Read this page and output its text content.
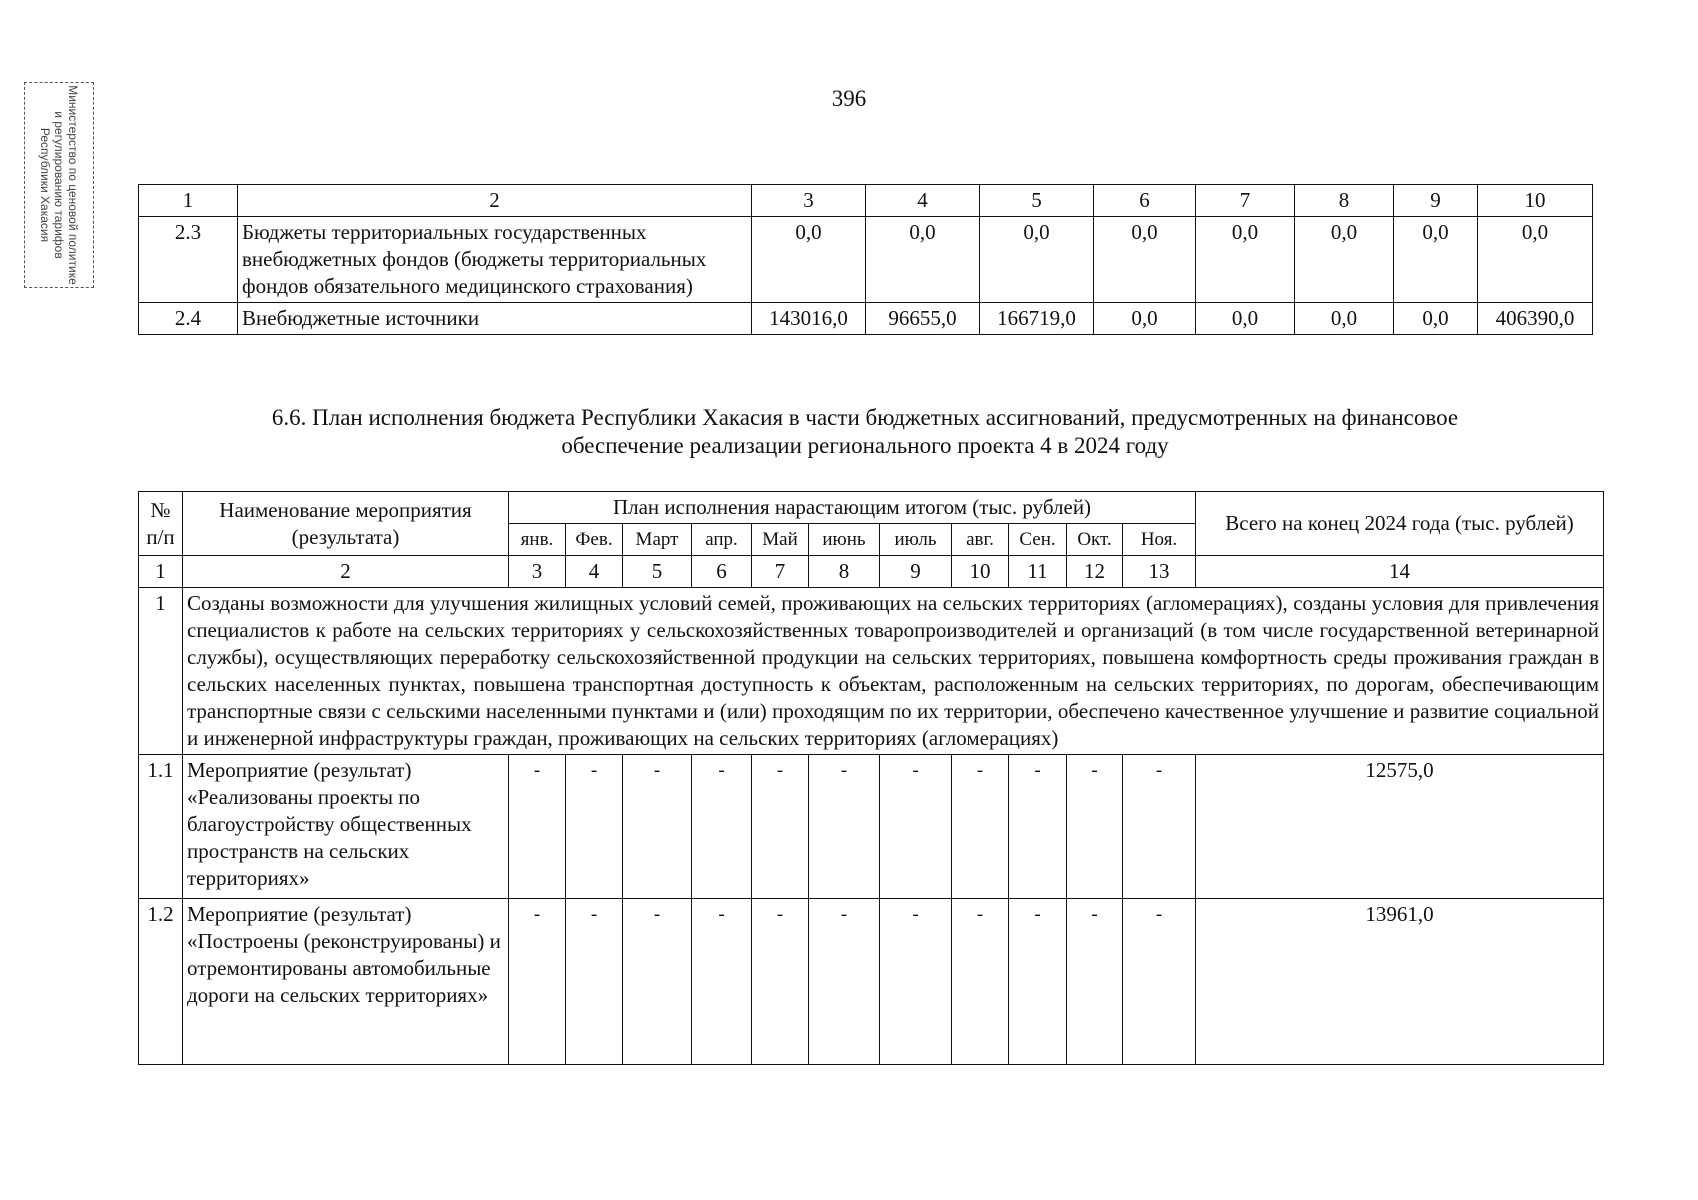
Министерство по ценовой политике и регулированию тарифов Республики Хакасия
396
1	2	3	4	5	6	7	8	9	10
2.3	Бюджеты территориальных государственных внебюджетных фондов (бюджеты территориальных фондов обязательного медицинского страхования)	0,0	0,0	0,0	0,0	0,0	0,0	0,0	0,0
2.4	Внебюджетные источники	143016,0	96655,0	166719,0	0,0	0,0	0,0	0,0	406390,0
6.6. План исполнения бюджета Республики Хакасия в части бюджетных ассигнований, предусмотренных на финансовое
обеспечение реализации регионального проекта 4 в 2024 году
№ п/п	Наименование мероприятия (результата)	План исполнения нарастающим итогом (тыс. рублей)											Всего на конец 2024 года (тыс. рублей)
		янв.	Фев.	Март	апр.	Май	июнь	июль	авг.	Сен.	Окт.	Ноя.	
1	2	3	4	5	6	7	8	9	10	11	12	13	14
1	Созданы возможности для улучшения жилищных условий семей, проживающих на сельских территориях (агломерациях), созданы условия для привлечения специалистов к работе на сельских территориях у сельскохозяйственных товаропроизводителей и организаций (в том числе государственной ветеринарной службы), осуществляющих переработку сельскохозяйственной продукции на сельских территориях, повышена комфортность среды проживания граждан в сельских населенных пунктах, повышена транспортная доступность к объектам, расположенным на сельских территориях, по дорогам, обеспечивающим транспортные связи с сельскими населенными пунктами и (или) проходящим по их территории, обеспечено качественное улучшение и развитие социальной и инженерной инфраструктуры граждан, проживающих на сельских территориях (агломерациях)												
1.1	Мероприятие (результат) «Реализованы проекты по благоустройству общественных пространств на сельских территориях»	-	-	-	-	-	-	-	-	-	-	-	12575,0
1.2	Мероприятие (результат) «Построены (реконструированы) и отремонтированы автомобильные дороги на сельских территориях»	-	-	-	-	-	-	-	-	-	-	-	13961,0
